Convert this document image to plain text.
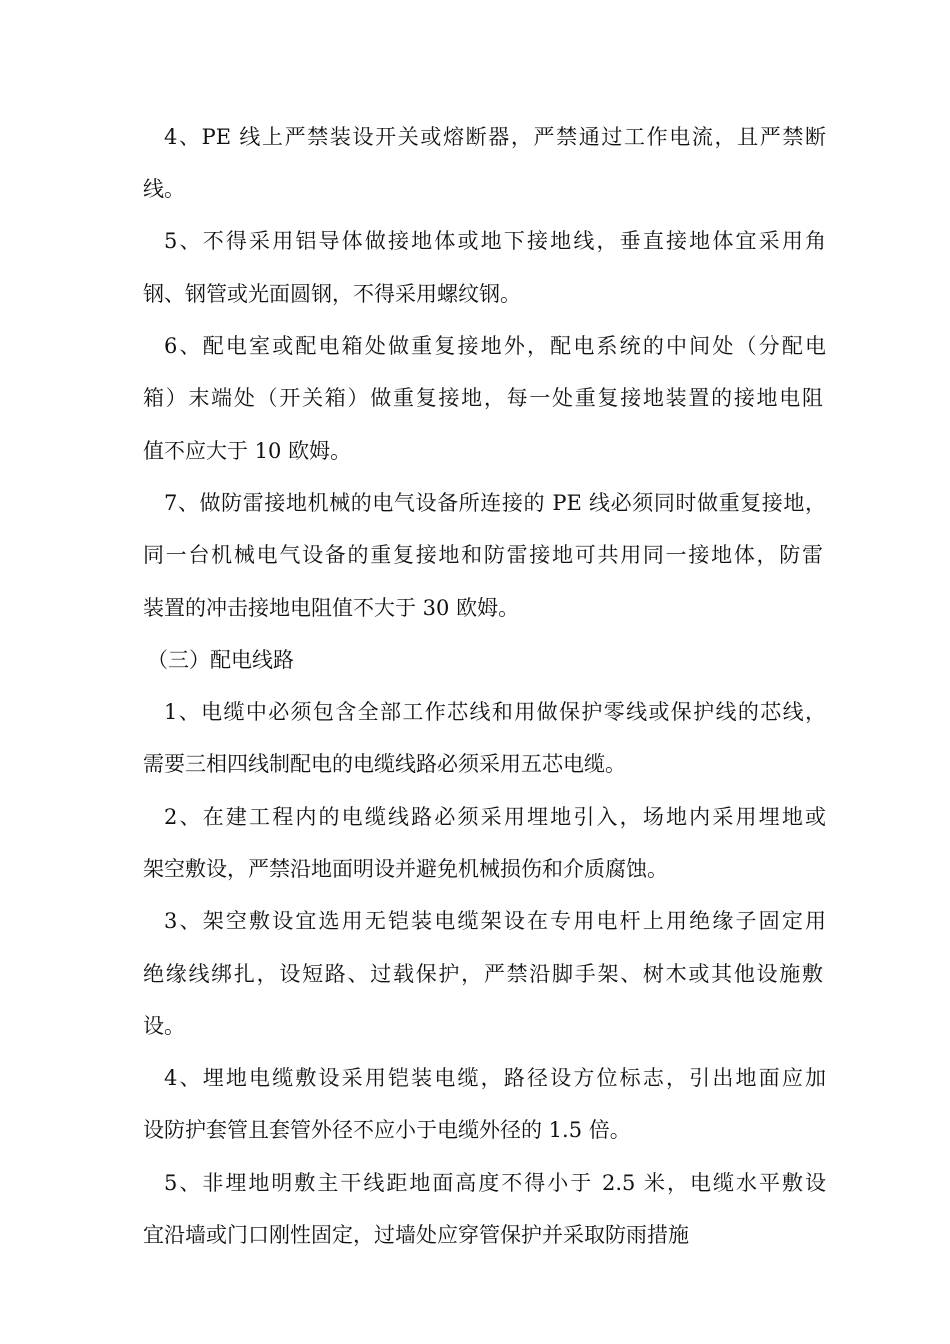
4、PE 线上严禁装设开关或熔断器，严禁通过工作电流，且严禁断
线。
5、不得采用铝导体做接地体或地下接地线，垂直接地体宜采用角
钢、钢管或光面圆钢，不得采用螺纹钢。
6、配电室或配电箱处做重复接地外，配电系统的中间处（分配电
箱）末端处（开关箱）做重复接地，每一处重复接地装置的接地电阻
值不应大于 10 欧姆。
7、做防雷接地机械的电气设备所连接的 PE 线必须同时做重复接地，
同一台机械电气设备的重复接地和防雷接地可共用同一接地体，防雷
装置的冲击接地电阻值不大于 30 欧姆。
（三）配电线路
1、电缆中必须包含全部工作芯线和用做保护零线或保护线的芯线，
需要三相四线制配电的电缆线路必须采用五芯电缆。
2、在建工程内的电缆线路必须采用埋地引入，场地内采用埋地或
架空敷设，严禁沿地面明设并避免机械损伤和介质腐蚀。
3、架空敷设宜选用无铠装电缆架设在专用电杆上用绝缘子固定用
绝缘线绑扎，设短路、过载保护，严禁沿脚手架、树木或其他设施敷
设。
4、埋地电缆敷设采用铠装电缆，路径设方位标志，引出地面应加
设防护套管且套管外径不应小于电缆外径的 1.5 倍。
5、非埋地明敷主干线距地面高度不得小于 2.5 米，电缆水平敷设
宜沿墙或门口刚性固定，过墙处应穿管保护并采取防雨措施
